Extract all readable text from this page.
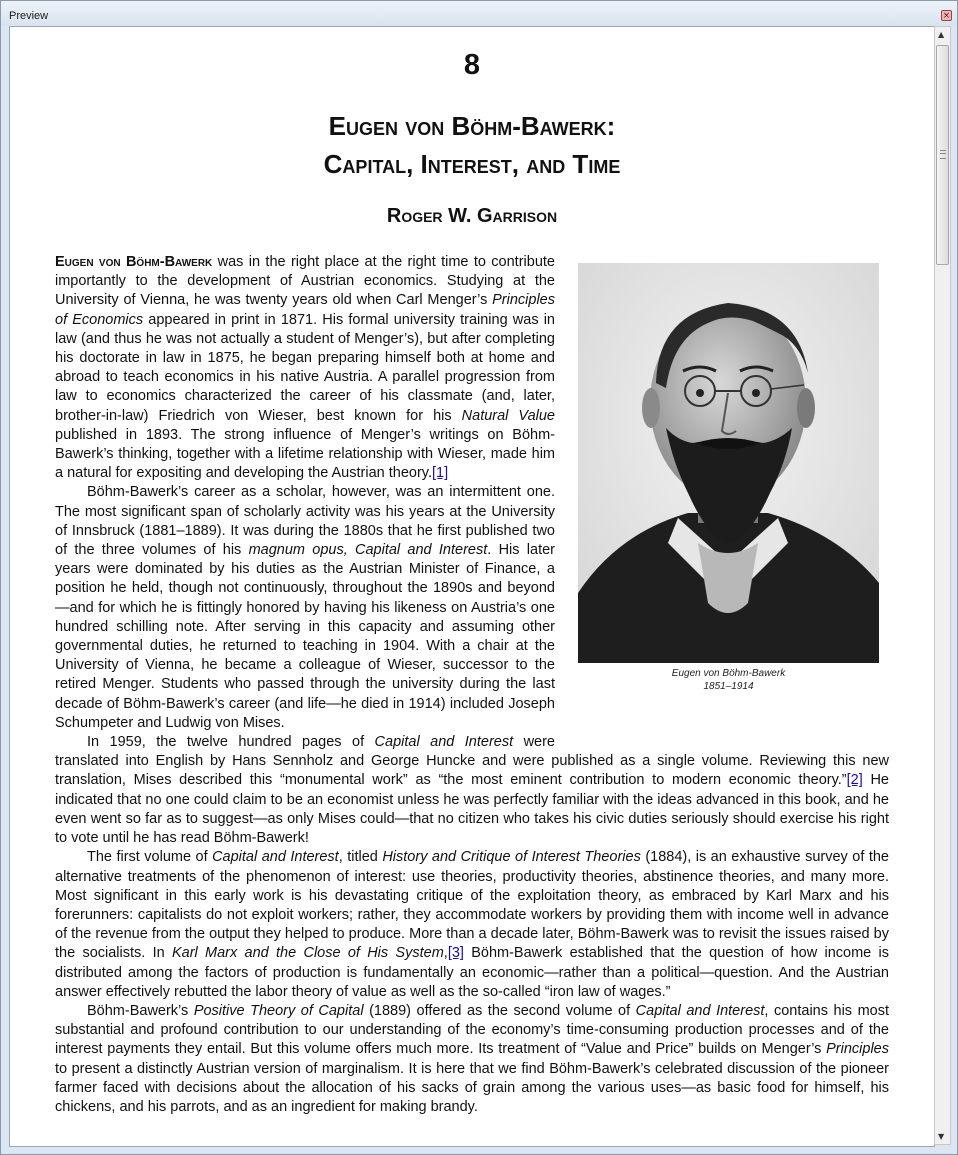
Preview	×
8
Eugen von Böhm-Bawerk:
Capital, Interest, and Time
Roger W. Garrison
Eugen von Böhm-Bawerk
1851–1914

Eugen von Böhm-Bawerk was in the right place at the right time to contribute importantly to the development of Austrian economics. Studying at the University of Vienna, he was twenty years old when Carl Menger’s Principles of Economics appeared in print in 1871. His formal university training was in law (and thus he was not actually a student of Menger’s), but after completing his doctorate in law in 1875, he began preparing himself both at home and abroad to teach economics in his native Austria. A parallel progression from law to economics characterized the career of his classmate (and, later, brother-in-law) Friedrich von Wieser, best known for his Natural Value published in 1893. The strong influence of Menger’s writings on Böhm-Bawerk’s thinking, together with a lifetime relationship with Wieser, made him a natural for expositing and developing the Austrian theory.[1]

Böhm-Bawerk’s career as a scholar, however, was an intermittent one. The most significant span of scholarly activity was his years at the University of Innsbruck (1881–1889). It was during the 1880s that he first published two of the three volumes of his magnum opus, Capital and Interest. His later years were dominated by his duties as the Austrian Minister of Finance, a position he held, though not continuously, throughout the 1890s and beyond—and for which he is fittingly honored by having his likeness on Austria’s one hundred schilling note. After serving in this capacity and assuming other governmental duties, he returned to teaching in 1904. With a chair at the University of Vienna, he became a colleague of Wieser, successor to the retired Menger. Students who passed through the university during the last decade of Böhm-Bawerk’s career (and life—he died in 1914) included Joseph Schumpeter and Ludwig von Mises.

In 1959, the twelve hundred pages of Capital and Interest were translated into English by Hans Sennholz and George Huncke and were published as a single volume. Reviewing this new translation, Mises described this “monumental work” as “the most eminent contribution to modern economic theory.”[2] He indicated that no one could claim to be an economist unless he was perfectly familiar with the ideas advanced in this book, and he even went so far as to suggest—as only Mises could—that no citizen who takes his civic duties seriously should exercise his right to vote until he has read Böhm-Bawerk!

The first volume of Capital and Interest, titled History and Critique of Interest Theories (1884), is an exhaustive survey of the alternative treatments of the phenomenon of interest: use theories, productivity theories, abstinence theories, and many more. Most significant in this early work is his devastating critique of the exploitation theory, as embraced by Karl Marx and his forerunners: capitalists do not exploit workers; rather, they accommodate workers by providing them with income well in advance of the revenue from the output they helped to produce. More than a decade later, Böhm-Bawerk was to revisit the issues raised by the socialists. In Karl Marx and the Close of His System,[3] Böhm-Bawerk established that the question of how income is distributed among the factors of production is fundamentally an economic—rather than a political—question. And the Austrian answer effectively rebutted the labor theory of value as well as the so-called “iron law of wages.”

Böhm-Bawerk’s Positive Theory of Capital (1889) offered as the second volume of Capital and Interest, contains his most substantial and profound contribution to our understanding of the economy’s time-consuming production processes and of the interest payments they entail. But this volume offers much more. Its treatment of “Value and Price” builds on Menger’s Principles to present a distinctly Austrian version of marginalism. It is here that we find Böhm-Bawerk’s celebrated discussion of the pioneer farmer faced with decisions about the allocation of his sacks of grain among the various uses—as basic food for himself, his chickens, and his parrots, and as an ingredient for making brandy.

▲
▼
